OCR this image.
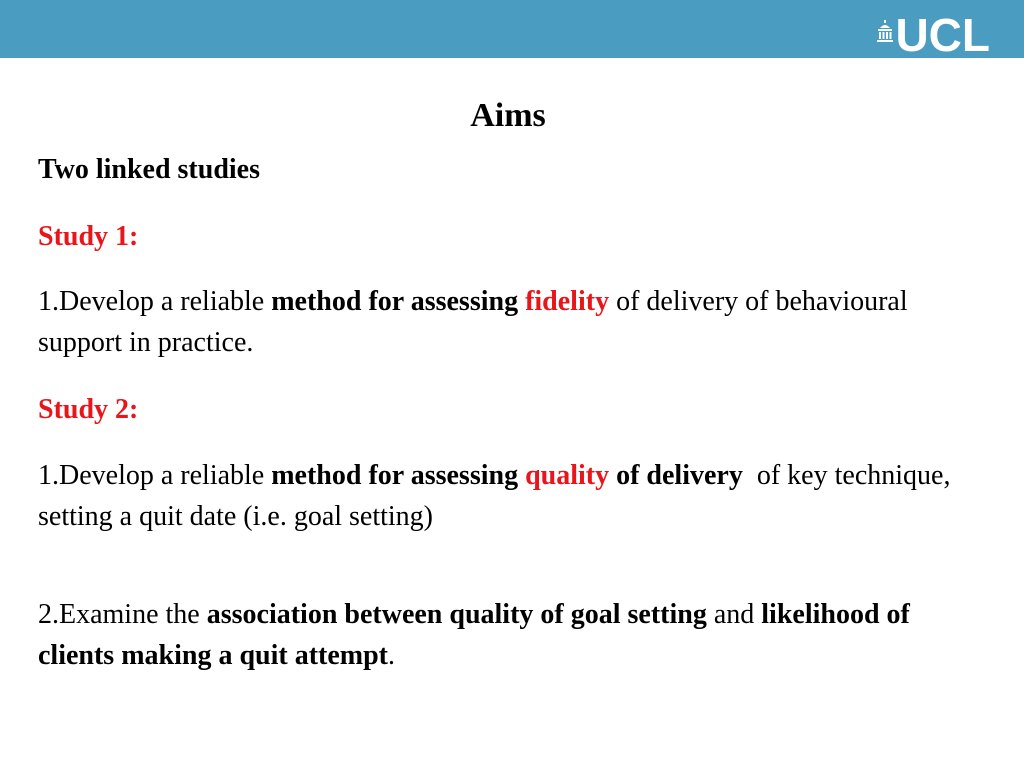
UCL
Aims
Two linked studies
Study 1:
1.Develop a reliable method for assessing fidelity of delivery of behavioural support in practice.
Study 2:
1.Develop a reliable method for assessing quality of delivery  of key technique, setting a quit date (i.e. goal setting)
2.Examine the association between quality of goal setting and likelihood of clients making a quit attempt.
